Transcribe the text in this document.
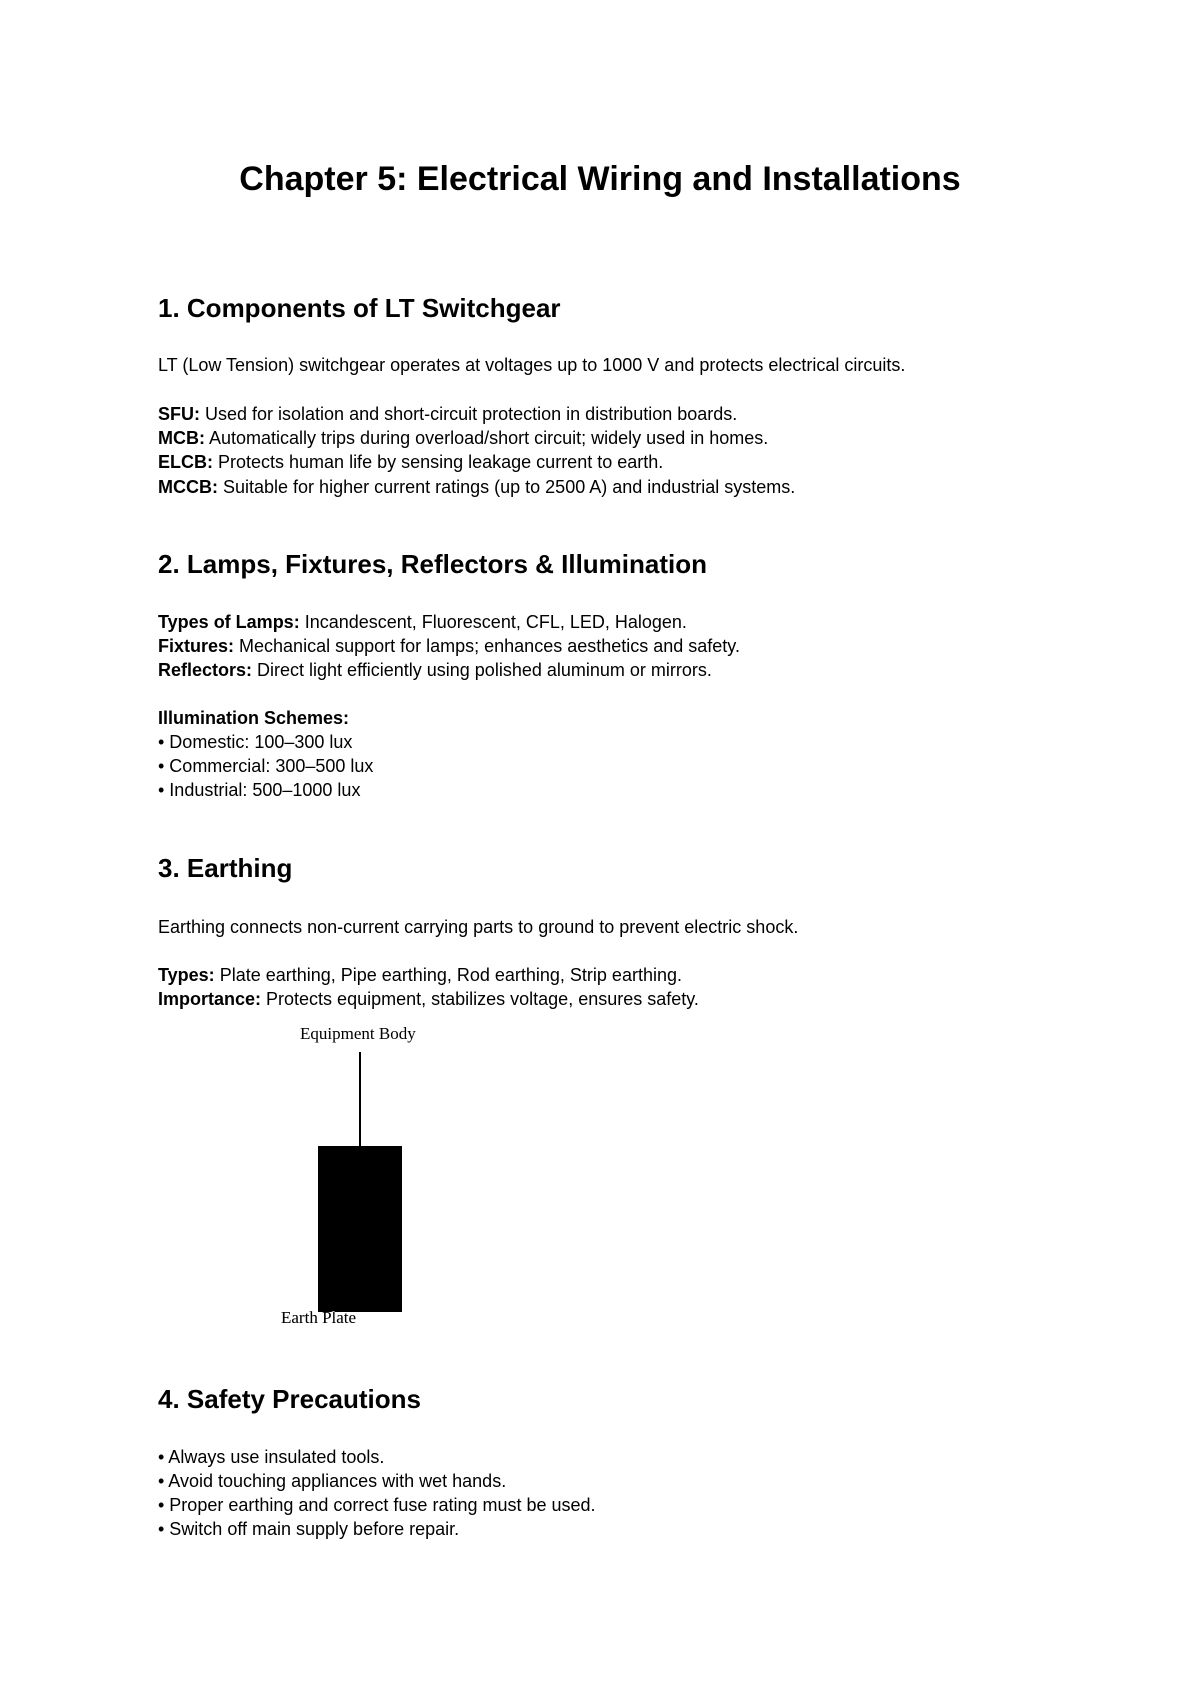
Chapter 5: Electrical Wiring and Installations
1. Components of LT Switchgear
LT (Low Tension) switchgear operates at voltages up to 1000 V and protects electrical circuits.
SFU: Used for isolation and short-circuit protection in distribution boards.
MCB: Automatically trips during overload/short circuit; widely used in homes.
ELCB: Protects human life by sensing leakage current to earth.
MCCB: Suitable for higher current ratings (up to 2500 A) and industrial systems.
2. Lamps, Fixtures, Reflectors & Illumination
Types of Lamps: Incandescent, Fluorescent, CFL, LED, Halogen.
Fixtures: Mechanical support for lamps; enhances aesthetics and safety.
Reflectors: Direct light efficiently using polished aluminum or mirrors.
Illumination Schemes:
• Domestic: 100–300 lux
• Commercial: 300–500 lux
• Industrial: 500–1000 lux
3. Earthing
Earthing connects non-current carrying parts to ground to prevent electric shock.
Types: Plate earthing, Pipe earthing, Rod earthing, Strip earthing.
Importance: Protects equipment, stabilizes voltage, ensures safety.
Equipment Body
Earth Plate
4. Safety Precautions
• Always use insulated tools.
• Avoid touching appliances with wet hands.
• Proper earthing and correct fuse rating must be used.
• Switch off main supply before repair.
